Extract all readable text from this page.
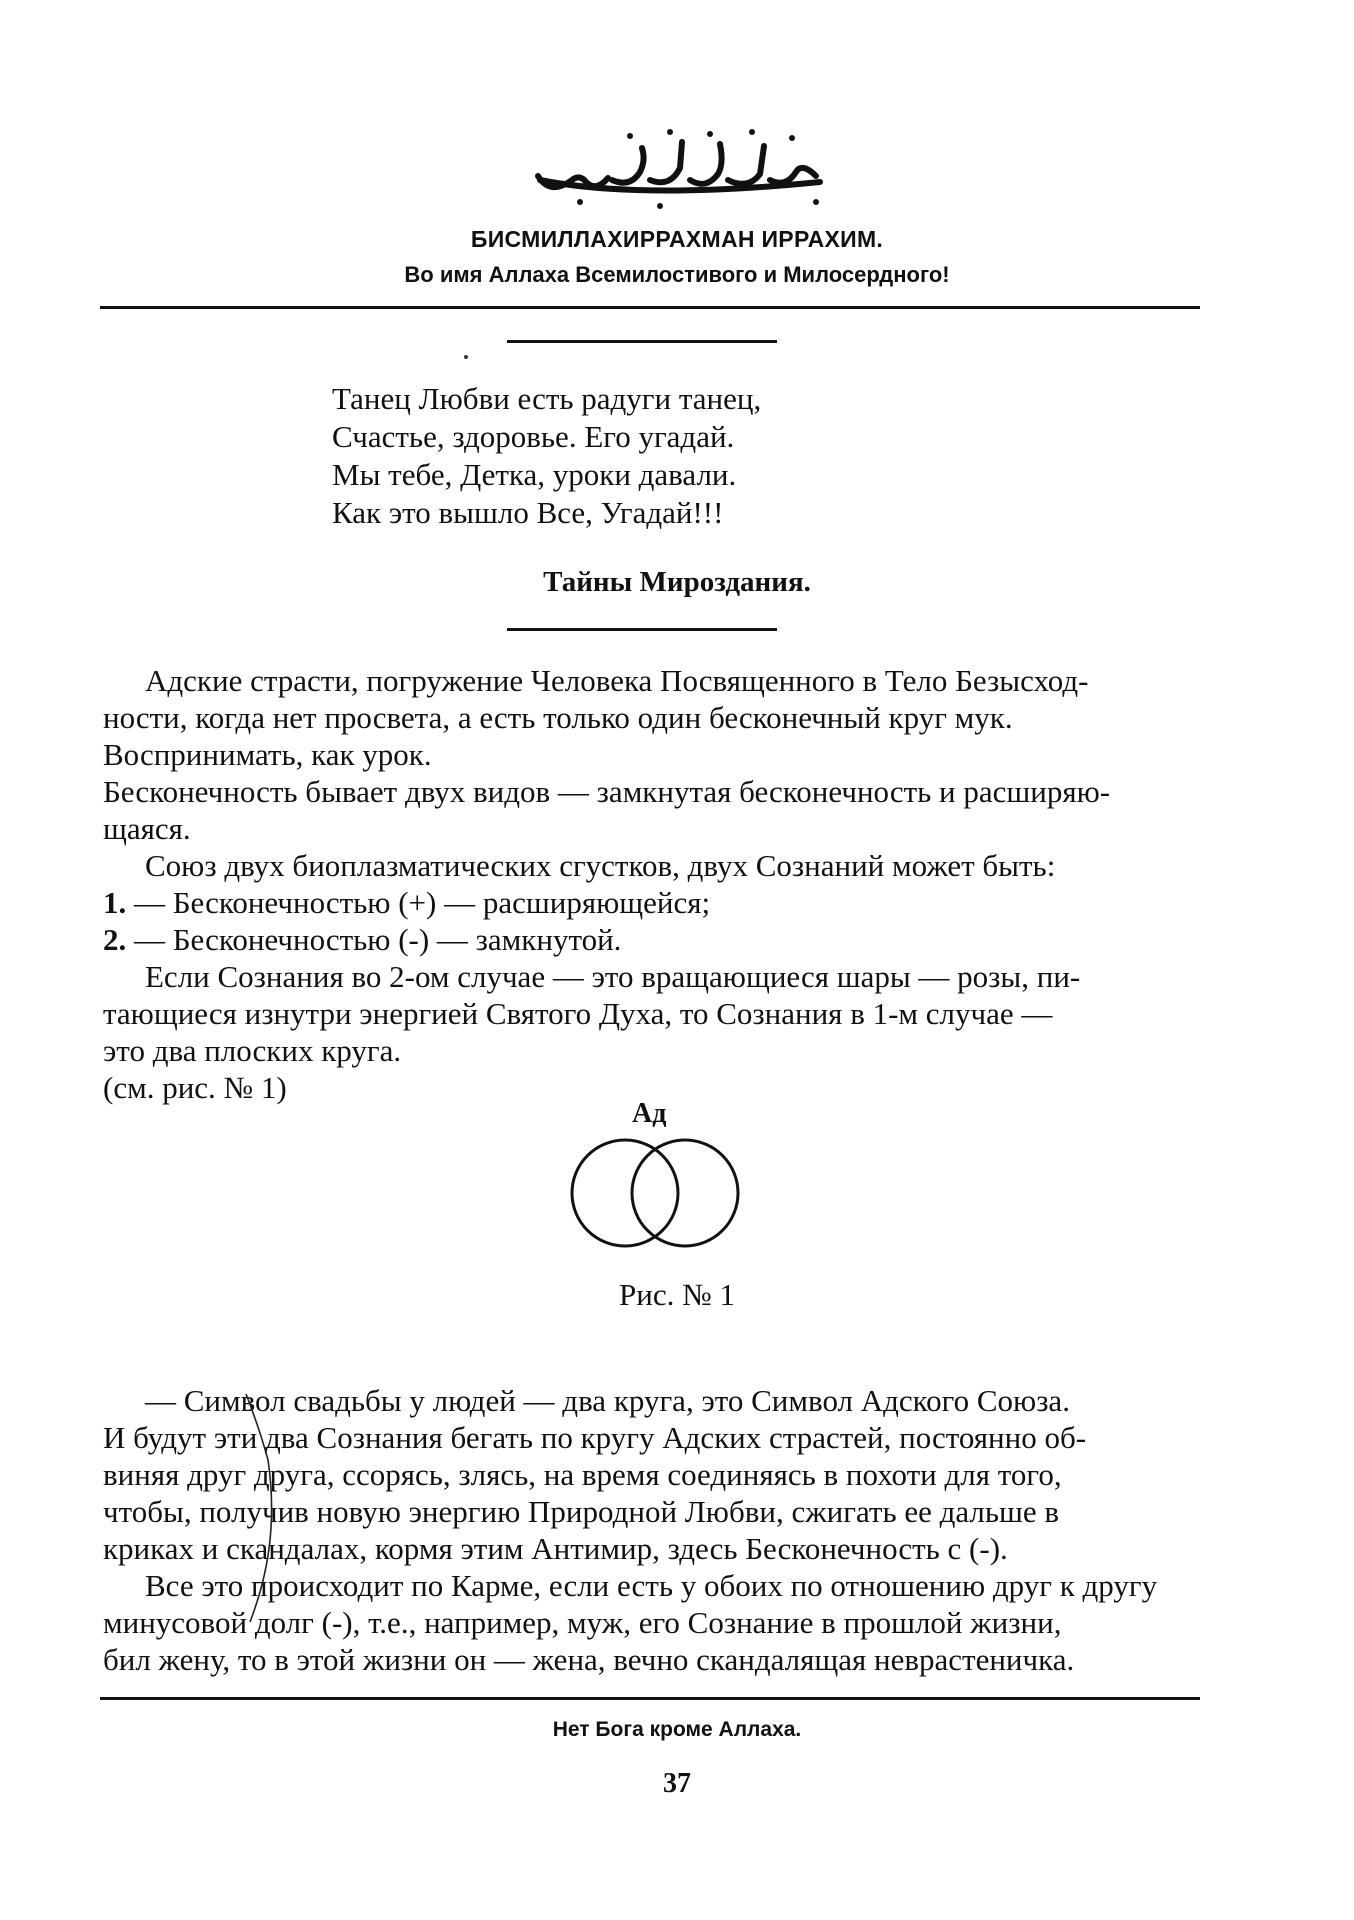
БИСМИЛЛАХИРРАХМАН ИРРАХИМ.
Во имя Аллаха Всемилостивого и Милосердного!
Танец Любви есть радуги танец,
Счастье, здоровье. Его угадай.
Мы тебе, Детка, уроки давали.
Как это вышло Все, Угадай!!!
Тайны Мироздания.

Адские страсти, погружение Человека Посвященного в Тело Безысход-

ности, когда нет просвета, а есть только один бесконечный круг мук.

Воспринимать, как урок.

Бесконечность бывает двух видов — замкнутая бесконечность и расширяю-

щаяся.

Союз двух биоплазматических сгустков, двух Сознаний может быть:

1. — Бесконечностью (+) — расширяющейся;

2. — Бесконечностью (-) — замкнутой.

Если Сознания во 2-ом случае — это вращающиеся шары — розы, пи-

тающиеся изнутри энергией Святого Духа, то Сознания в 1-м случае —

это два плоских круга.

(см. рис. № 1)

Ад
Рис. № 1

— Символ свадьбы у людей — два круга, это Символ Адского Союза.

И будут эти два Сознания бегать по кругу Адских страстей, постоянно об-

виняя друг друга, ссорясь, злясь, на время соединяясь в похоти для того,

чтобы, получив новую энергию Природной Любви, сжигать ее дальше в

криках и скандалах, кормя этим Антимир, здесь Бесконечность с (-).

Все это происходит по Карме, если есть у обоих по отношению друг к другу

минусовой долг (-), т.е., например, муж, его Сознание в прошлой жизни,

бил жену, то в этой жизни он — жена, вечно скандалящая неврастеничка.

Нет Бога кроме Аллаха.
37
